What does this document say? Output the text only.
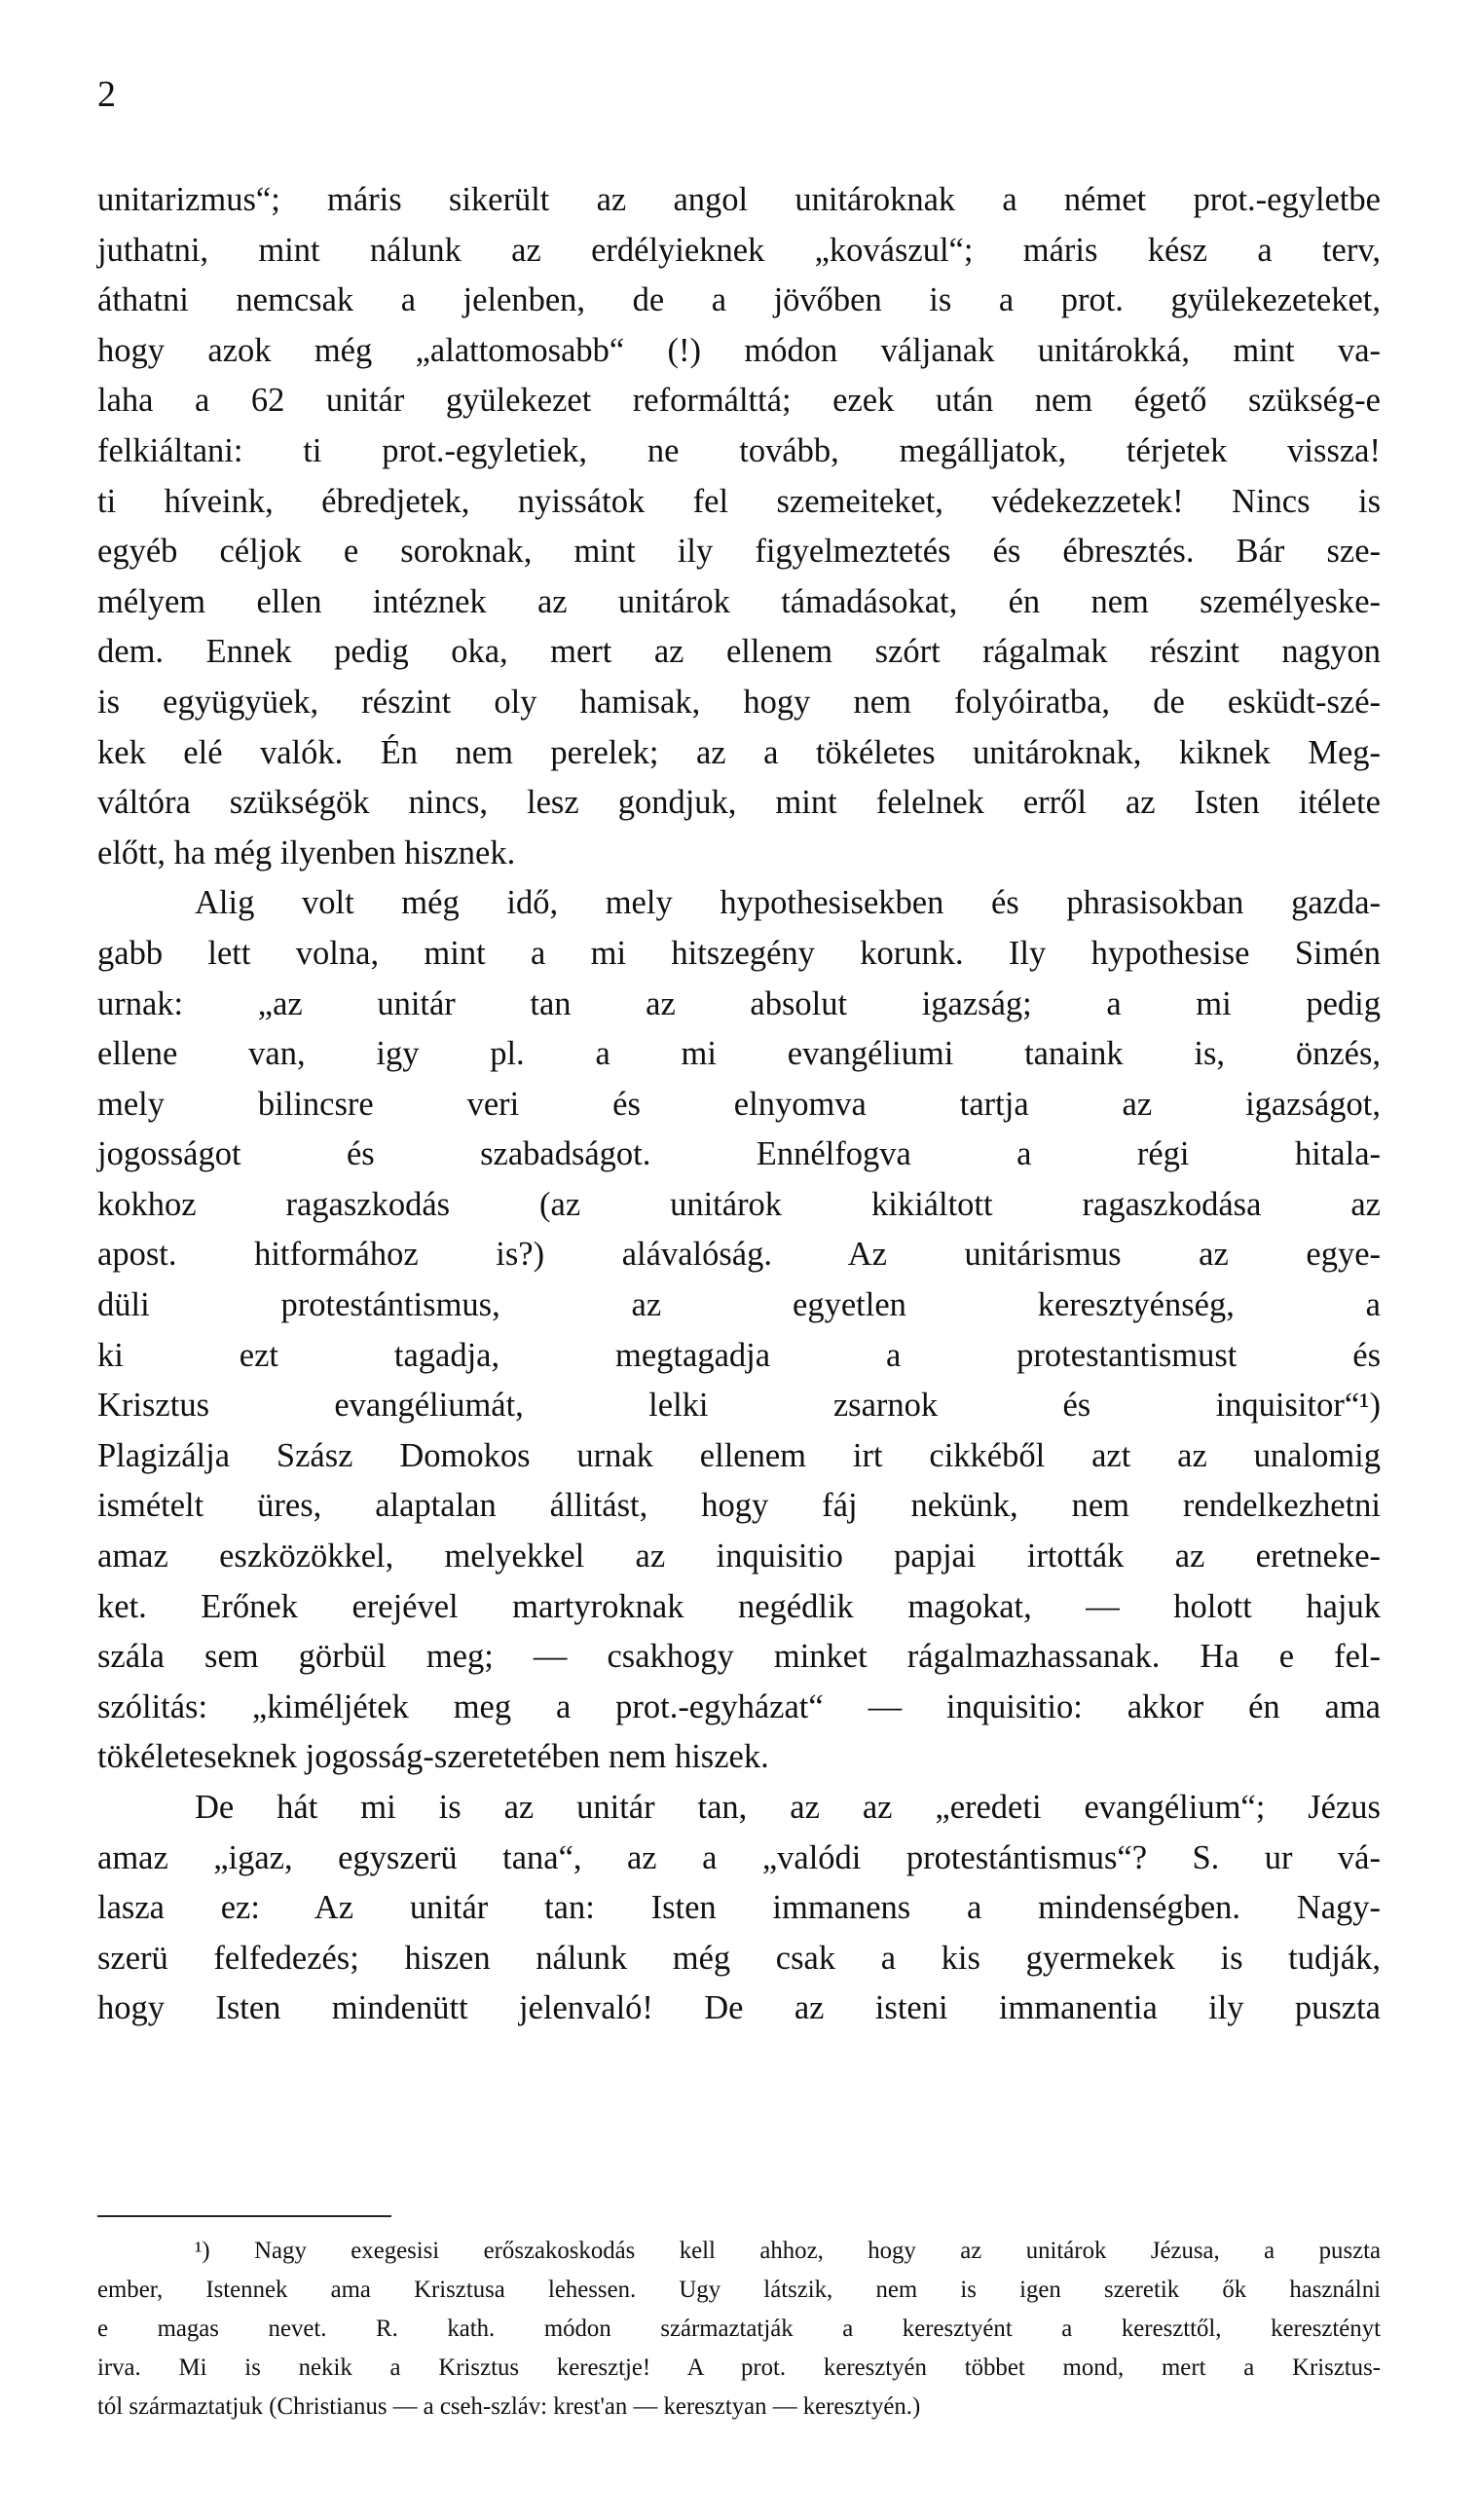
2
unitarizmus“; máris sikerült az angol unitároknak a német prot.-egyletbe
juthatni, mint nálunk az erdélyieknek „kovászul“; máris kész a terv,
áthatni nemcsak a jelenben, de a jövőben is a prot. gyülekezeteket,
hogy azok még „alattomosabb“ (!) módon váljanak unitárokká, mint va-
laha a 62 unitár gyülekezet reformálttá; ezek után nem égető szükség-e
felkiáltani: ti prot.-egyletiek, ne tovább, megálljatok, térjetek vissza!
ti híveink, ébredjetek, nyissátok fel szemeiteket, védekezzetek! Nincs is
egyéb céljok e soroknak, mint ily figyelmeztetés és ébresztés. Bár sze-
mélyem ellen intéznek az unitárok támadásokat, én nem személyeske-
dem. Ennek pedig oka, mert az ellenem szórt rágalmak részint nagyon
is együgyüek, részint oly hamisak, hogy nem folyóiratba, de esküdt-szé-
kek elé valók. Én nem perelek; az a tökéletes unitároknak, kiknek Meg-
váltóra szükségök nincs, lesz gondjuk, mint felelnek erről az Isten itélete
előtt, ha még ilyenben hisznek.
Alig volt még idő, mely hypothesisekben és phrasisokban gazda-
gabb lett volna, mint a mi hitszegény korunk. Ily hypothesise Simén
urnak: „az unitár tan az absolut igazság; a mi pedig
ellene van, igy pl. a mi evangéliumi tanaink is, önzés,
mely bilincsre veri és elnyomva tartja az igazságot,
jogosságot és szabadságot. Ennélfogva a régi hitala-
kokhoz ragaszkodás (az unitárok kikiáltott ragaszkodása az
apost. hitformához is?) alávalóság. Az unitárismus az egye-
düli protestántismus, az egyetlen keresztyénség, a
ki ezt tagadja, megtagadja a protestantismust és
Krisztus evangéliumát, lelki zsarnok és inquisitor“¹)
Plagizálja Szász Domokos urnak ellenem irt cikkéből azt az unalomig
ismételt üres, alaptalan állitást, hogy fáj nekünk, nem rendelkezhetni
amaz eszközökkel, melyekkel az inquisitio papjai irtották az eretneke-
ket. Erőnek erejével martyroknak negédlik magokat, — holott hajuk
szála sem görbül meg; — csakhogy minket rágalmazhassanak. Ha e fel-
szólitás: „kiméljétek meg a prot.-egyházat“ — inquisitio: akkor én ama
tökéleteseknek jogosság-szeretetében nem hiszek.
De hát mi is az unitár tan, az az „eredeti evangélium“; Jézus
amaz „igaz, egyszerü tana“, az a „valódi protestántismus“? S. ur vá-
lasza ez: Az unitár tan: Isten immanens a mindenségben. Nagy-
szerü felfedezés; hiszen nálunk még csak a kis gyermekek is tudják,
hogy Isten mindenütt jelenvaló! De az isteni immanentia ily puszta
¹) Nagy exegesisi erőszakoskodás kell ahhoz, hogy az unitárok Jézusa, a puszta
ember, Istennek ama Krisztusa lehessen. Ugy látszik, nem is igen szeretik ők használni
e magas nevet. R. kath. módon származtatják a keresztyént a kereszttől, keresztényt
irva. Mi is nekik a Krisztus keresztje! A prot. keresztyén többet mond, mert a Krisztus-
tól származtatjuk (Christianus — a cseh-szláv: krest'an — keresztyan — keresztyén.)
